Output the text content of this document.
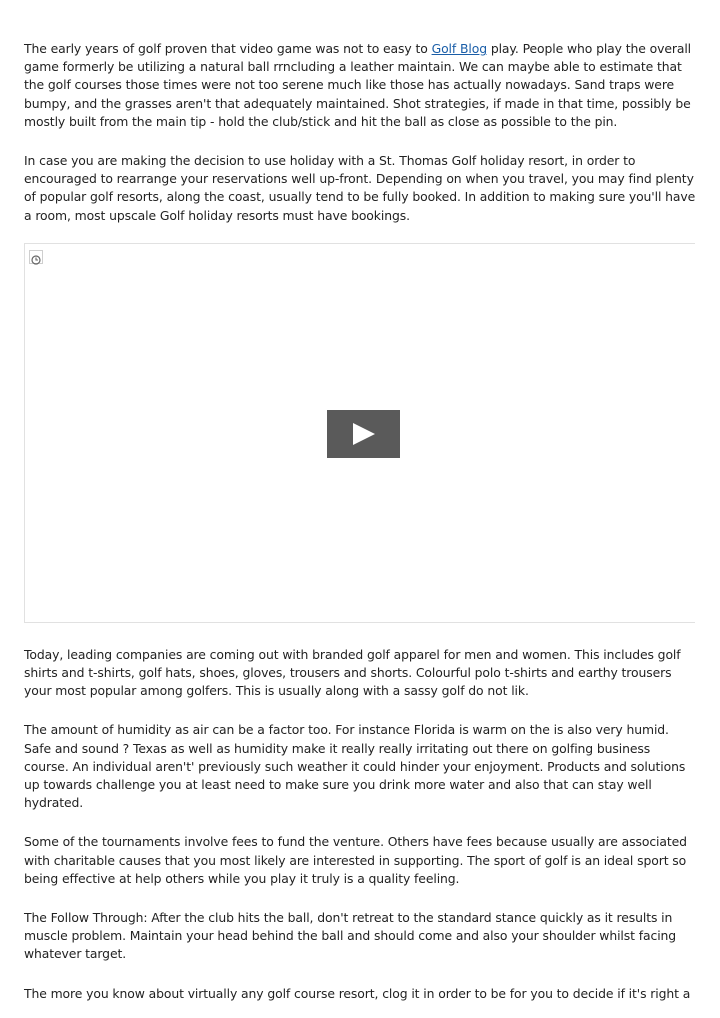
The early years of golf proven that video game was not to easy to Golf Blog play. People who play the overall game formerly be utilizing a natural ball rrncluding a leather maintain. We can maybe able to estimate that the golf courses those times were not too serene much like those has actually nowadays. Sand traps were bumpy, and the grasses aren't that adequately maintained. Shot strategies, if made in that time, possibly be mostly built from the main tip - hold the club/stick and hit the ball as close as possible to the pin.

In case you are making the decision to use holiday with a St. Thomas Golf holiday resort, in order to encouraged to rearrange your reservations well up-front. Depending on when you travel, you may find plenty of popular golf resorts, along the coast, usually tend to be fully booked. In addition to making sure you'll have a room, most upscale Golf holiday resorts must have bookings.

Today, leading companies are coming out with branded golf apparel for men and women. This includes golf shirts and t-shirts, golf hats, shoes, gloves, trousers and shorts. Colourful polo t-shirts and earthy trousers your most popular among golfers. This is usually along with a sassy golf do not lik.

The amount of humidity as air can be a factor too. For instance Florida is warm on the is also very humid. Safe and sound ? Texas as well as humidity make it really really irritating out there on golfing business course. An individual aren't' previously such weather it could hinder your enjoyment. Products and solutions up towards challenge you at least need to make sure you drink more water and also that can stay well hydrated.

Some of the tournaments involve fees to fund the venture. Others have fees because usually are associated with charitable causes that you most likely are interested in supporting. The sport of golf is an ideal sport so being effective at help others while you play it truly is a quality feeling.

The Follow Through: After the club hits the ball, don't retreat to the standard stance quickly as it results in muscle problem. Maintain your head behind the ball and should come and also your shoulder whilst facing whatever target.

The more you know about virtually any golf course resort, clog it in order to be for you to decide if it's right a
